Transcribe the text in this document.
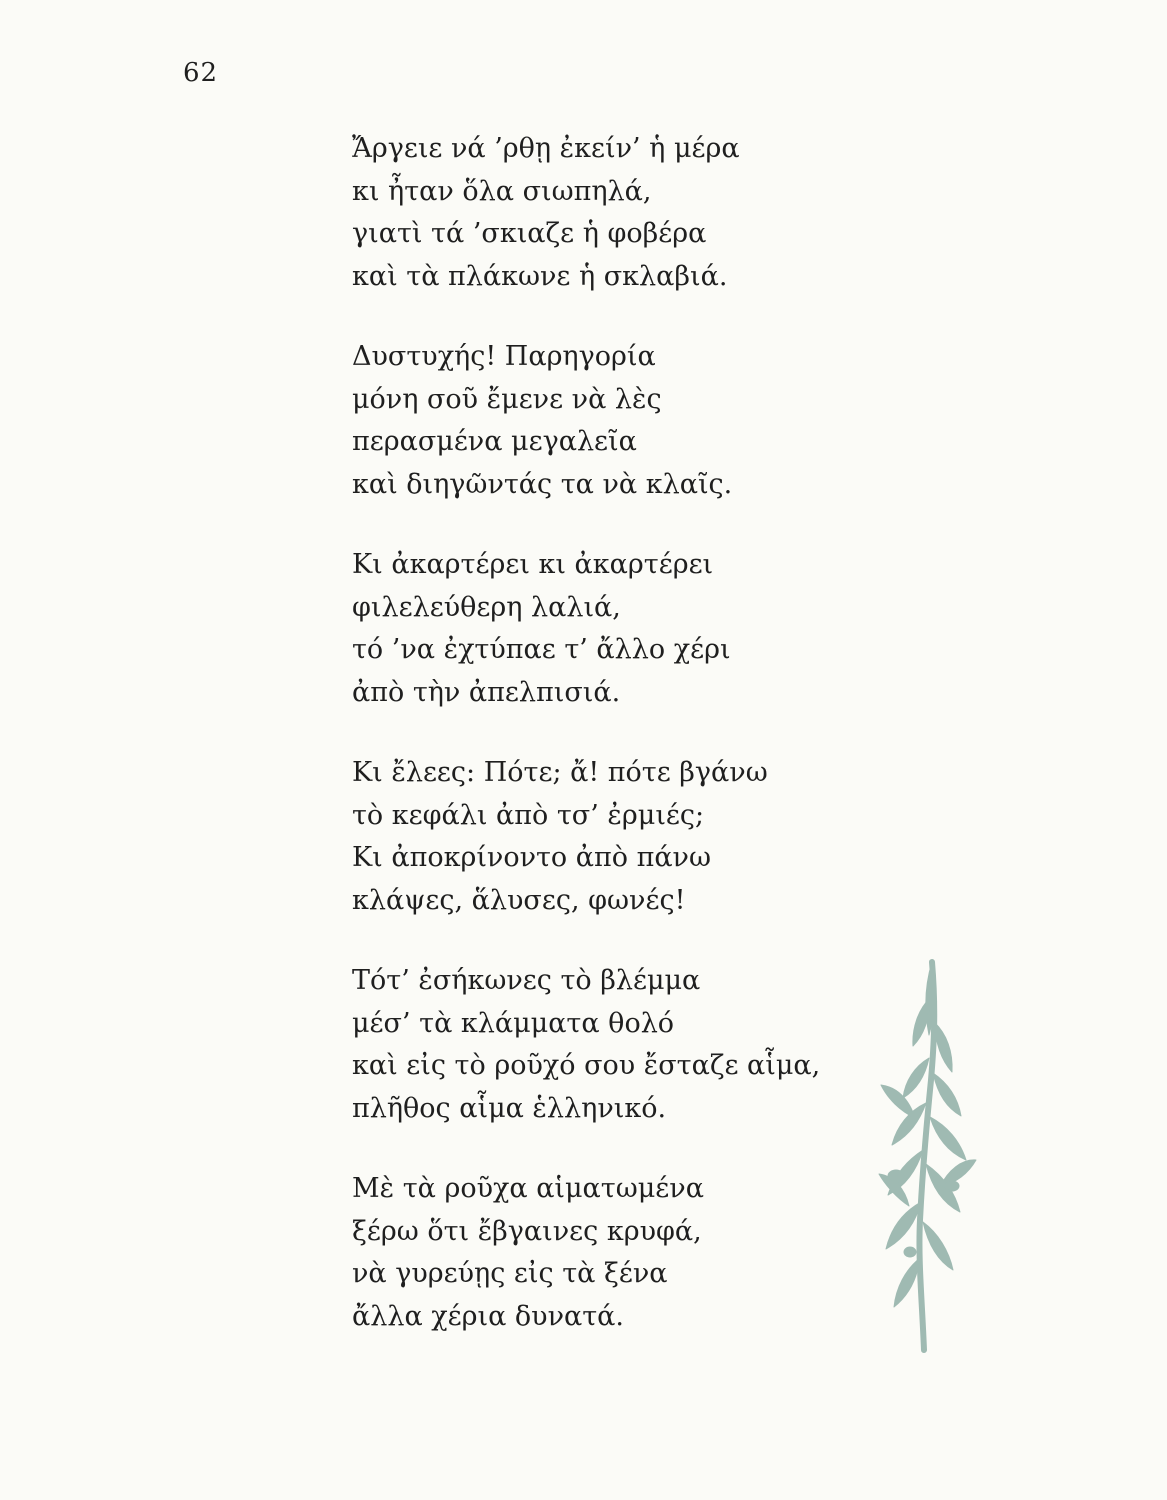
62
Ἄργειε νά ’ρθῃ ἐκείν’ ἡ μέρα
κι ἦταν ὅλα σιωπηλά,
γιατὶ τά ’σκιαζε ἡ φοβέρα
καὶ τὰ πλάκωνε ἡ σκλαβιά.
Δυστυχής! Παρηγορία
μόνη σοῦ ἔμενε νὰ λὲς
περασμένα μεγαλεῖα
καὶ διηγῶντάς τα νὰ κλαῖς.
Κι ἀκαρτέρει κι ἀκαρτέρει
φιλελεύθερη λαλιά,
τό ’να ἐχτύπαε τ’ ἄλλο χέρι
ἀπὸ τὴν ἀπελπισιά.
Κι ἔλεες: Πότε; ἄ! πότε βγάνω
τὸ κεφάλι ἀπὸ τσ’ ἐρμιές;
Κι ἀποκρίνοντο ἀπὸ πάνω
κλάψες, ἅλυσες, φωνές!
Τότ’ ἐσήκωνες τὸ βλέμμα
μέσ’ τὰ κλάμματα θολό
καὶ εἰς τὸ ροῦχό σου ἔσταζε αἷμα,
πλῆθος αἷμα ἑλληνικό.
Μὲ τὰ ροῦχα αἱματωμένα
ξέρω ὅτι ἔβγαινες κρυφά,
νὰ γυρεύῃς εἰς τὰ ξένα
ἄλλα χέρια δυνατά.
